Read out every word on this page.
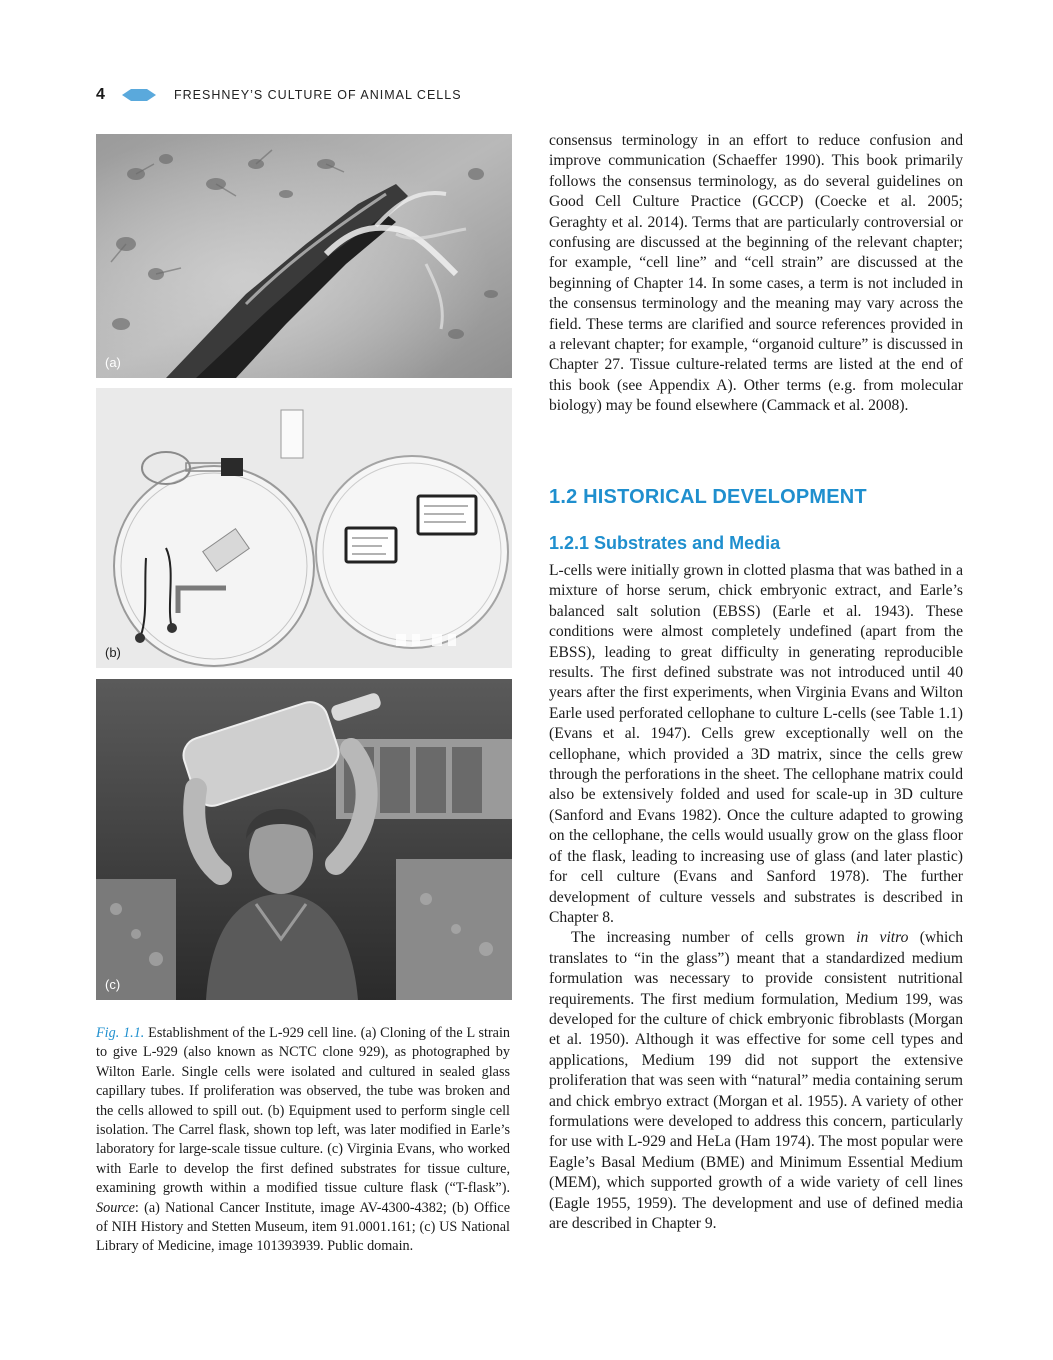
4	FRESHNEY’S CULTURE OF ANIMAL CELLS
(a)
(b)
(c)
Fig. 1.1. Establishment of the L-929 cell line. (a) Cloning of the L strain to give L-929 (also known as NCTC clone 929), as photographed by Wilton Earle. Single cells were isolated and cultured in sealed glass capillary tubes. If proliferation was observed, the tube was broken and the cells allowed to spill out. (b) Equipment used to perform single cell isolation. The Carrel flask, shown top left, was later modified in Earle’s laboratory for large-scale tissue culture. (c) Virginia Evans, who worked with Earle to develop the first defined substrates for tissue culture, examining growth within a modified tissue culture flask (“T-flask”). Source: (a) National Cancer Institute, image AV-4300-4382; (b) Office of NIH History and Stetten Museum, item 91.0001.161; (c) US National Library of Medicine, image 101393939. Public domain.

consensus terminology in an effort to reduce confusion and improve communication (Schaeffer 1990). This book primarily follows the consensus terminology, as do several guidelines on Good Cell Culture Practice (GCCP) (Coecke et al. 2005; Geraghty et al. 2014). Terms that are particularly controversial or confusing are discussed at the beginning of the relevant chapter; for example, “cell line” and “cell strain” are discussed at the beginning of Chapter 14. In some cases, a term is not included in the consensus terminology and the meaning may vary across the field. These terms are clarified and source references provided in a relevant chapter; for example, “organoid culture” is discussed in Chapter 27. Tissue culture-related terms are listed at the end of this book (see Appendix A). Other terms (e.g. from molecular biology) may be found elsewhere (Cammack et al. 2008).

1.2 HISTORICAL DEVELOPMENT
1.2.1 Substrates and Media

L-cells were initially grown in clotted plasma that was bathed in a mixture of horse serum, chick embryonic extract, and Earle’s balanced salt solution (EBSS) (Earle et al. 1943). These conditions were almost completely undefined (apart from the EBSS), leading to great difficulty in generating reproducible results. The first defined substrate was not introduced until 40 years after the first experiments, when Virginia Evans and Wilton Earle used perforated cellophane to culture L-cells (see Table 1.1) (Evans et al. 1947). Cells grew exceptionally well on the cellophane, which provided a 3D matrix, since the cells grew through the perforations in the sheet. The cellophane matrix could also be extensively folded and used for scale-up in 3D culture (Sanford and Evans 1982). Once the culture adapted to growing on the cellophane, the cells would usually grow on the glass floor of the flask, leading to increasing use of glass (and later plastic) for cell culture (Evans and Sanford 1978). The further development of culture vessels and substrates is described in Chapter 8.

The increasing number of cells grown in vitro (which translates to “in the glass”) meant that a standardized medium formulation was necessary to provide consistent nutritional requirements. The first medium formulation, Medium 199, was developed for the culture of chick embryonic fibroblasts (Morgan et al. 1950). Although it was effective for some cell types and applications, Medium 199 did not support the extensive proliferation that was seen with “natural” media containing serum and chick embryo extract (Morgan et al. 1955). A variety of other formulations were developed to address this concern, particularly for use with L-929 and HeLa (Ham 1974). The most popular were Eagle’s Basal Medium (BME) and Minimum Essential Medium (MEM), which supported growth of a wide variety of cell lines (Eagle 1955, 1959). The development and use of defined media are described in Chapter 9.
